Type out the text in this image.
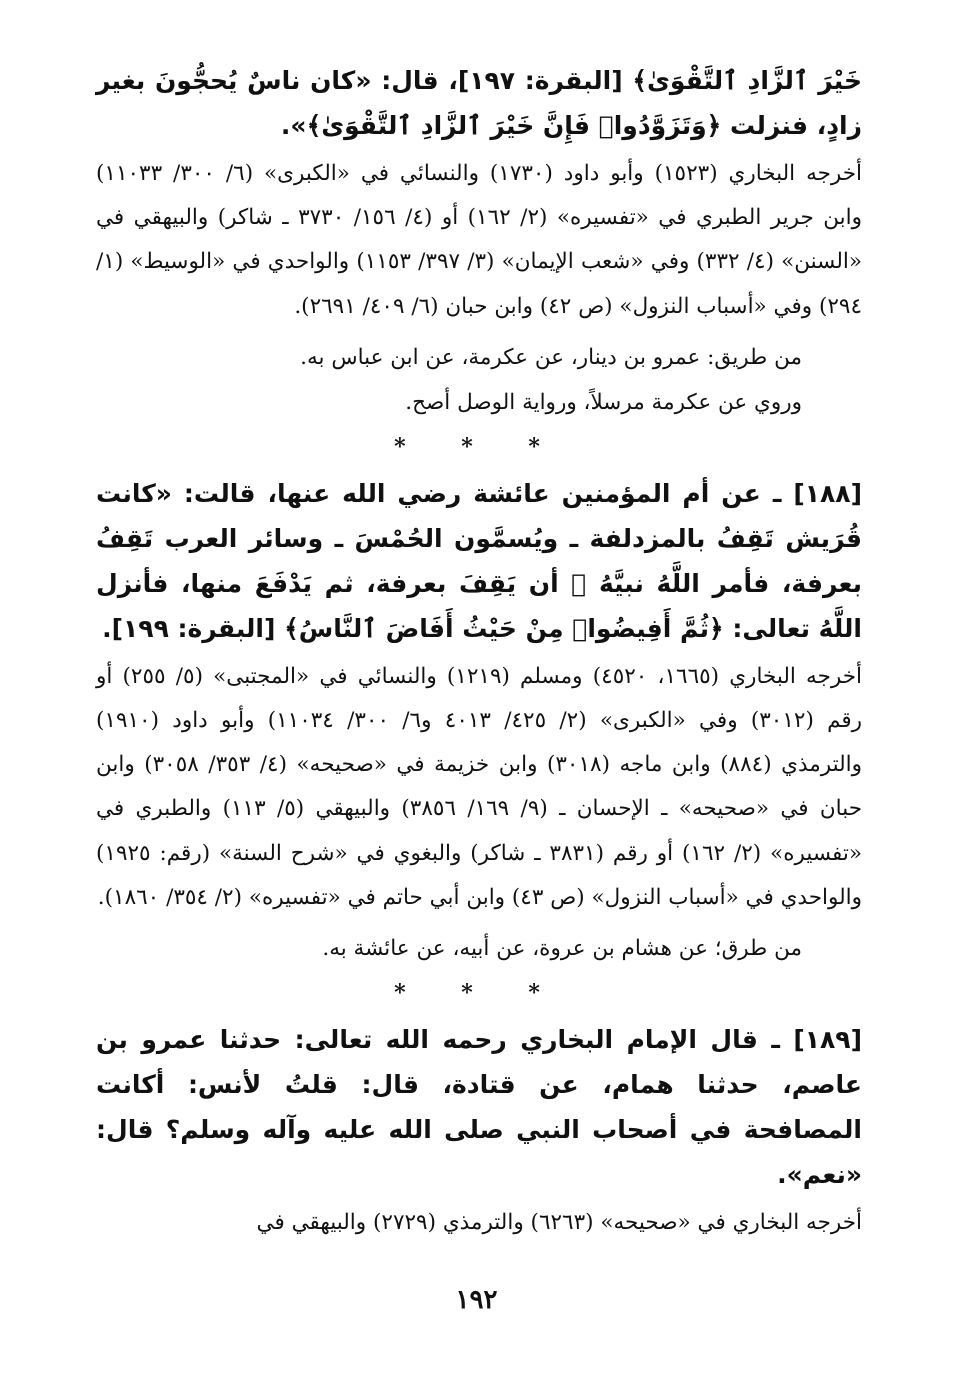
خَيْرَ ٱلزَّادِ ٱلتَّقْوَىٰ﴾ [البقرة: ١٩٧]، قال: «كان ناسٌ يُحجُّونَ بغير زادٍ، فنزلت ﴿وَتَزَوَّدُوا۟ فَإِنَّ خَيْرَ ٱلزَّادِ ٱلتَّقْوَىٰ﴾».

أخرجه البخاري (١٥٢٣) وأبو داود (١٧٣٠) والنسائي في «الكبرى» (٦/ ٣٠٠/ ١١٠٣٣) وابن جرير الطبري في «تفسيره» (٢/ ١٦٢) أو (٤/ ١٥٦/ ٣٧٣٠ ـ شاكر) والبيهقي في «السنن» (٤/ ٣٣٢) وفي «شعب الإيمان» (٣/ ٣٩٧/ ١١٥٣) والواحدي في «الوسيط» (١/ ٢٩٤) وفي «أسباب النزول» (ص ٤٢) وابن حبان (٦/ ٤٠٩/ ٢٦٩١).

من طريق: عمرو بن دينار، عن عكرمة، عن ابن عباس به.
وروي عن عكرمة مرسلاً، ورواية الوصل أصح.
* * *

[١٨٨] ـ عن أم المؤمنين عائشة رضي الله عنها، قالت: «كانت قُرَيش تَقِفُ بالمزدلفة ـ ويُسمَّون الحُمْسَ ـ وسائر العرب تَقِفُ بعرفة، فأمر اللَّهُ نبيَّهُ ﷺ أن يَقِفَ بعرفة، ثم يَدْفَعَ منها، فأنزل اللَّهُ تعالى: ﴿ثُمَّ أَفِيضُوا۟ مِنْ حَيْثُ أَفَاضَ ٱلنَّاسُ﴾ [البقرة: ١٩٩].

أخرجه البخاري (١٦٦٥، ٤٥٢٠) ومسلم (١٢١٩) والنسائي في «المجتبى» (٥/ ٢٥٥) أو رقم (٣٠١٢) وفي «الكبرى» (٢/ ٤٢٥/ ٤٠١٣ و٦/ ٣٠٠/ ١١٠٣٤) وأبو داود (١٩١٠) والترمذي (٨٨٤) وابن ماجه (٣٠١٨) وابن خزيمة في «صحيحه» (٤/ ٣٥٣/ ٣٠٥٨) وابن حبان في «صحيحه» ـ الإحسان ـ (٩/ ١٦٩/ ٣٨٥٦) والبيهقي (٥/ ١١٣) والطبري في «تفسيره» (٢/ ١٦٢) أو رقم (٣٨٣١ ـ شاكر) والبغوي في «شرح السنة» (رقم: ١٩٢٥) والواحدي في «أسباب النزول» (ص ٤٣) وابن أبي حاتم في «تفسيره» (٢/ ٣٥٤/ ١٨٦٠).

من طرق؛ عن هشام بن عروة، عن أبيه، عن عائشة به.
* * *

[١٨٩] ـ قال الإمام البخاري رحمه الله تعالى: حدثنا عمرو بن عاصم، حدثنا همام، عن قتادة، قال: قلتُ لأنس: أكانت المصافحة في أصحاب النبي صلى الله عليه وآله وسلم؟ قال: «نعم».

أخرجه البخاري في «صحيحه» (٦٢٦٣) والترمذي (٢٧٢٩) والبيهقي في

١٩٢
